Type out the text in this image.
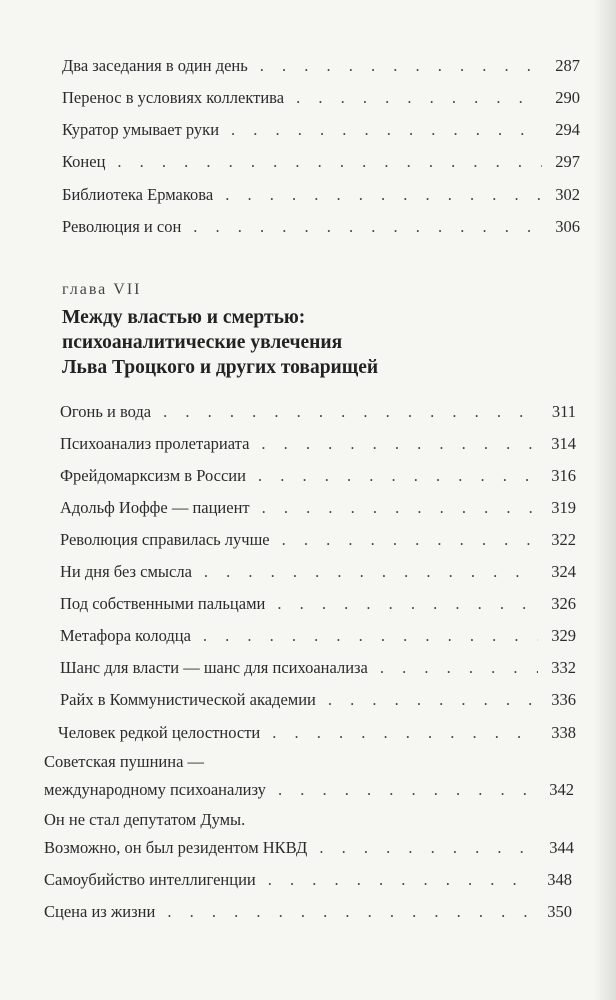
Два заседания в один день . . .	287
Перенос в условиях коллектива . . .	290
Куратор умывает руки . . .	294
Конец . . .	297
Библиотека Ермакова . . .	302
Революция и сон . . .	306
глава VII
Между властью и смертью:
психоаналитические увлечения
Льва Троцкого и других товарищей
Огонь и вода . . .	311
Психоанализ пролетариата . . .	314
Фрейдомарксизм в России . . .	316
Адольф Иоффе — пациент . . .	319
Революция справилась лучше . . .	322
Ни дня без смысла . . .	324
Под собственными пальцами . . .	326
Метафора колодца . . .	329
Шанс для власти — шанс для психоанализа . . .	332
Райх в Коммунистической академии . . .	336
Человек редкой целостности . . .	338
Советская пушнина —
международному психоанализу . . .	342
Он не стал депутатом Думы.
Возможно, он был резидентом НКВД . . .	344
Самоубийство интеллигенции . . .	348
Сцена из жизни . . .	350
